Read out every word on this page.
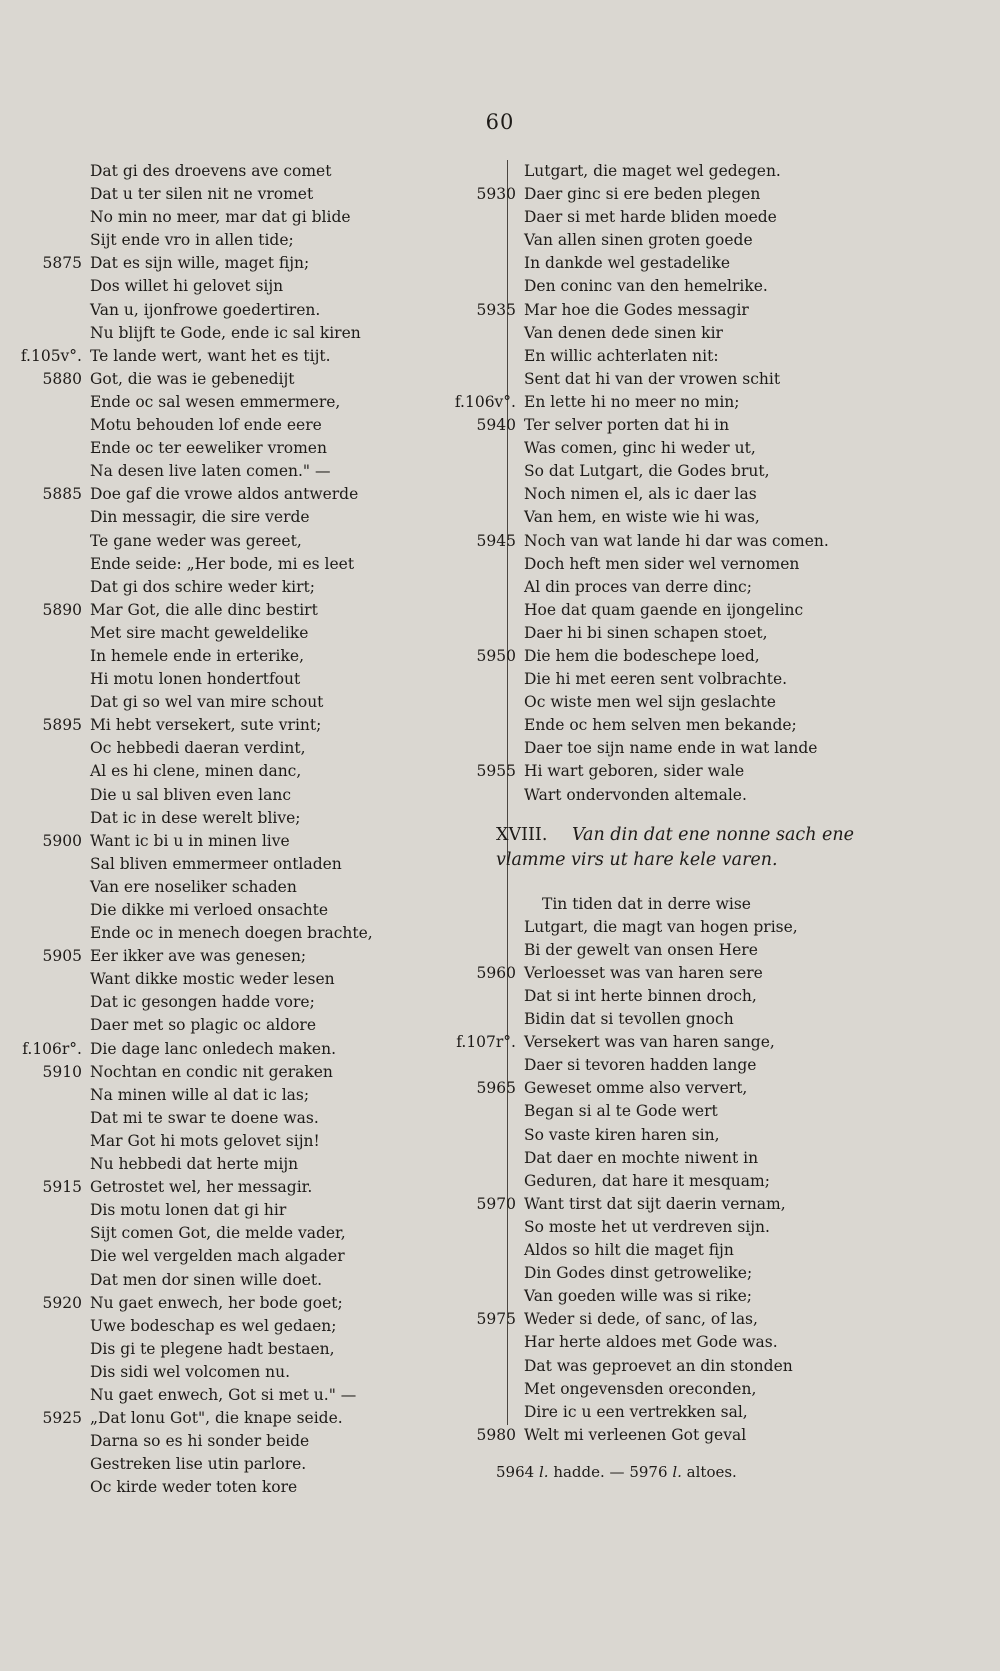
60
Dat gi des droevens ave comet
Dat u ter silen nit ne vromet
No min no meer, mar dat gi blide
Sijt ende vro in allen tide;
5875 Dat es sijn wille, maget fijn;
Dos willet hi gelovet sijn
Van u, ijonfrowe goedertiren.
Nu blijft te Gode, ende ic sal kiren
f.105v°. Te lande wert, want het es tijt.
5880 Got, die was ie gebenedijt
Ende oc sal wesen emmermere,
Motu behouden lof ende eere
Ende oc ter eeweliker vromen
Na desen live laten comen." —
5885 Doe gaf die vrowe aldos antwerde
Din messagir, die sire verde
Te gane weder was gereet,
Ende seide: „Her bode, mi es leet
Dat gi dos schire weder kirt;
5890 Mar Got, die alle dinc bestirt
Met sire macht geweldelike
In hemele ende in erterike,
Hi motu lonen hondertfout
Dat gi so wel van mire schout
5895 Mi hebt versekert, sute vrint;
Oc hebbedi daeran verdint,
Al es hi clene, minen danc,
Die u sal bliven even lanc
Dat ic in dese werelt blive;
5900 Want ic bi u in minen live
Sal bliven emmermeer ontladen
Van ere noseliker schaden
Die dikke mi verloed onsachte
Ende oc in menech doegen brachte,
5905 Eer ikker ave was genesen;
Want dikke mostic weder lesen
Dat ic gesongen hadde vore;
Daer met so plagic oc aldore
f.106r°. Die dage lanc onledech maken.
5910 Nochtan en condic nit geraken
Na minen wille al dat ic las;
Dat mi te swar te doene was.
Mar Got hi mots gelovet sijn!
Nu hebbedi dat herte mijn
5915 Getrostet wel, her messagir.
Dis motu lonen dat gi hir
Sijt comen Got, die melde vader,
Die wel vergelden mach algader
Dat men dor sinen wille doet.
5920 Nu gaet enwech, her bode goet;
Uwe bodeschap es wel gedaen;
Dis gi te plegene hadt bestaen,
Dis sidi wel volcomen nu.
Nu gaet enwech, Got si met u." —
5925 „Dat lonu Got", die knape seide.
Darna so es hi sonder beide
Gestreken lise utin parlore.
Oc kirde weder toten kore
Lutgart, die maget wel gedegen.
5930 Daer ginc si ere beden plegen
Daer si met harde bliden moede
Van allen sinen groten goede
In dankde wel gestadelike
Den coninc van den hemelrike.
5935 Mar hoe die Godes messagir
Van denen dede sinen kir
En willic achterlaten nit:
Sent dat hi van der vrowen schit
f.106v°. En lette hi no meer no min;
5940 Ter selver porten dat hi in
Was comen, ginc hi weder ut,
So dat Lutgart, die Godes brut,
Noch nimen el, als ic daer las
Van hem, en wiste wie hi was,
5945 Noch van wat lande hi dar was comen.
Doch heft men sider wel vernomen
Al din proces van derre dinc;
Hoe dat quam gaende en ijongelinc
Daer hi bi sinen schapen stoet,
5950 Die hem die bodeschepe loed,
Die hi met eeren sent volbrachte.
Oc wiste men wel sijn geslachte
Ende oc hem selven men bekande;
Daer toe sijn name ende in wat lande
5955 Hi wart geboren, sider wale
Wart ondervonden altemale.
XVIII. Van din dat ene nonne sach ene
vlamme virs ut hare kele varen.
Tin tiden dat in derre wise
Lutgart, die magt van hogen prise,
Bi der gewelt van onsen Here
5960 Verloesset was van haren sere
Dat si int herte binnen droch,
Bidin dat si tevollen gnoch
f.107r°. Versekert was van haren sange,
Daer si tevoren hadden lange
5965 Geweset omme also ververt,
Began si al te Gode wert
So vaste kiren haren sin,
Dat daer en mochte niwent in
Geduren, dat hare it mesquam;
5970 Want tirst dat sijt daerin vernam,
So moste het ut verdreven sijn.
Aldos so hilt die maget fijn
Din Godes dinst getrowelike;
Van goeden wille was si rike;
5975 Weder si dede, of sanc, of las,
Har herte aldoes met Gode was.
Dat was geproevet an din stonden
Met ongevensden oreconden,
Dire ic u een vertrekken sal,
5980 Welt mi verleenen Got geval
5964 l. hadde. — 5976 l. altoes.
